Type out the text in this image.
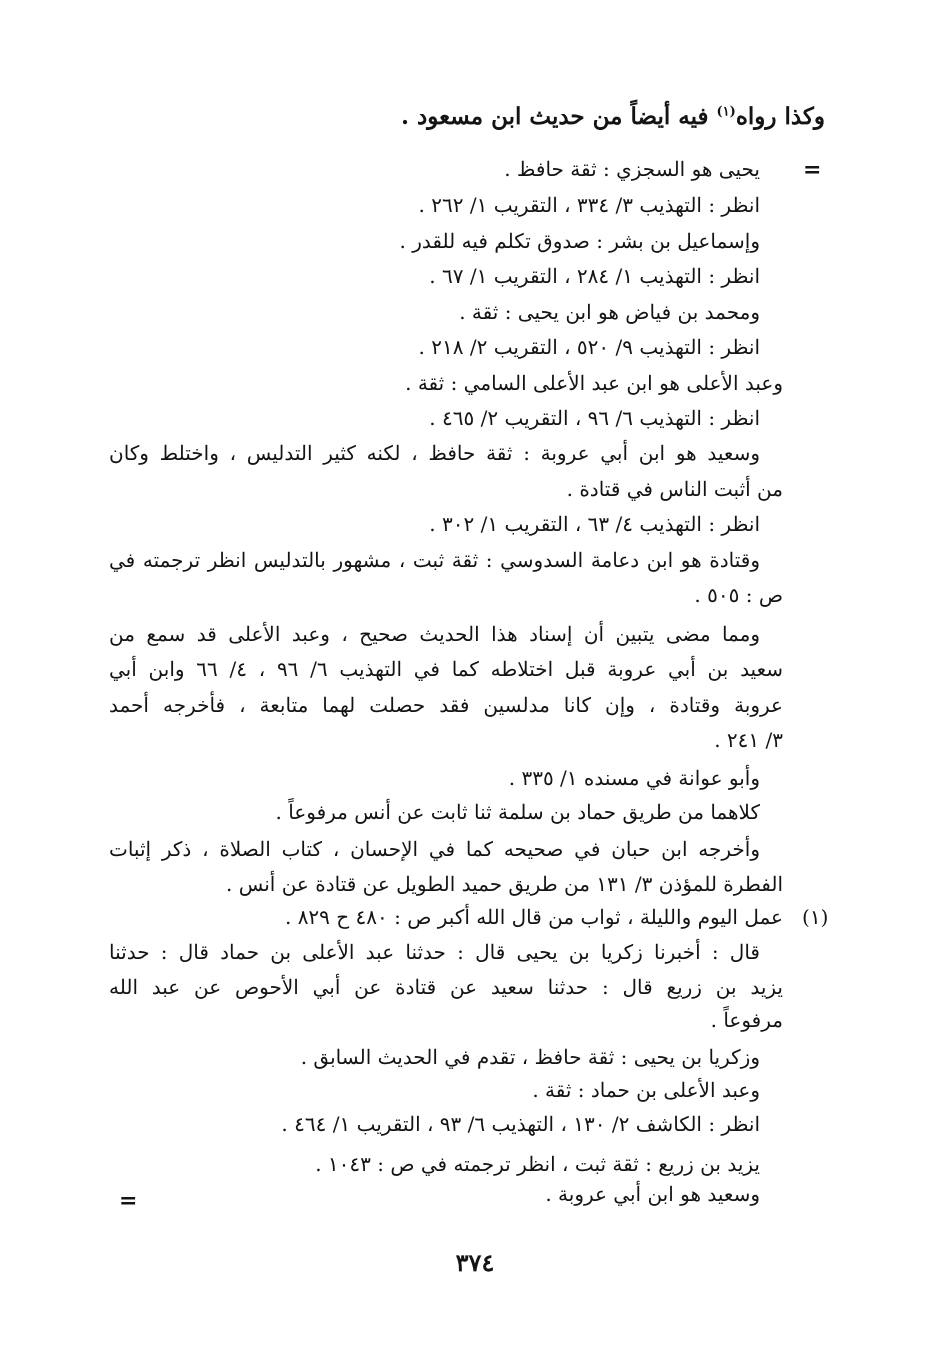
وكذا رواه$^{(١)}$ فيه أيضاً من حديث ابن مسعود .
=
يحيى هو السجزي : ثقة حافظ .
انظر : التهذيب ٣/ ٣٣٤ ، التقريب ١/ ٢٦٢ .
وإسماعيل بن بشر : صدوق تكلم فيه للقدر .
انظر : التهذيب ١/ ٢٨٤ ، التقريب ١/ ٦٧ .
ومحمد بن فياض هو ابن يحيى : ثقة .
انظر : التهذيب ٩/ ٥٢٠ ، التقريب ٢/ ٢١٨ .
وعبد الأعلى هو ابن عبد الأعلى السامي : ثقة .
انظر : التهذيب ٦/ ٩٦ ، التقريب ٢/ ٤٦٥ .
وسعيد هو ابن أبي عروبة : ثقة حافظ ، لكنه كثير التدليس ، واختلط وكان
من أثبت الناس في قتادة .
انظر : التهذيب ٤/ ٦٣ ، التقريب ١/ ٣٠٢ .
وقتادة هو ابن دعامة السدوسي : ثقة ثبت ، مشهور بالتدليس انظر ترجمته في
ص : ٥٠٥ .
ومما مضى يتبين أن إسناد هذا الحديث صحيح ، وعبد الأعلى قد سمع من
سعيد بن أبي عروبة قبل اختلاطه كما في التهذيب ٦/ ٩٦ ، ٤/ ٦٦ وابن أبي
عروبة وقتادة ، وإن كانا مدلسين فقد حصلت لهما متابعة ، فأخرجه أحمد
٣/ ٢٤١ .
وأبو عوانة في مسنده ١/ ٣٣٥ .
كلاهما من طريق حماد بن سلمة ثنا ثابت عن أنس مرفوعاً .
وأخرجه ابن حبان في صحيحه كما في الإحسان ، كتاب الصلاة ، ذكر إثبات
الفطرة للمؤذن ٣/ ١٣١ من طريق حميد الطويل عن قتادة عن أنس .
(١)
عمل اليوم والليلة ، ثواب من قال الله أكبر ص : ٤٨٠ ح ٨٢٩ .
قال : أخبرنا زكريا بن يحيى قال : حدثنا عبد الأعلى بن حماد قال : حدثنا
يزيد بن زريع قال : حدثنا سعيد عن قتادة عن أبي الأحوص عن عبد الله
مرفوعاً .
وزكريا بن يحيى : ثقة حافظ ، تقدم في الحديث السابق .
وعبد الأعلى بن حماد : ثقة .
انظر : الكاشف ٢/ ١٣٠ ، التهذيب ٦/ ٩٣ ، التقريب ١/ ٤٦٤ .
يزيد بن زريع : ثقة ثبت ، انظر ترجمته في ص : ١٠٤٣ .
وسعيد هو ابن أبي عروبة .
=
٣٧٤
